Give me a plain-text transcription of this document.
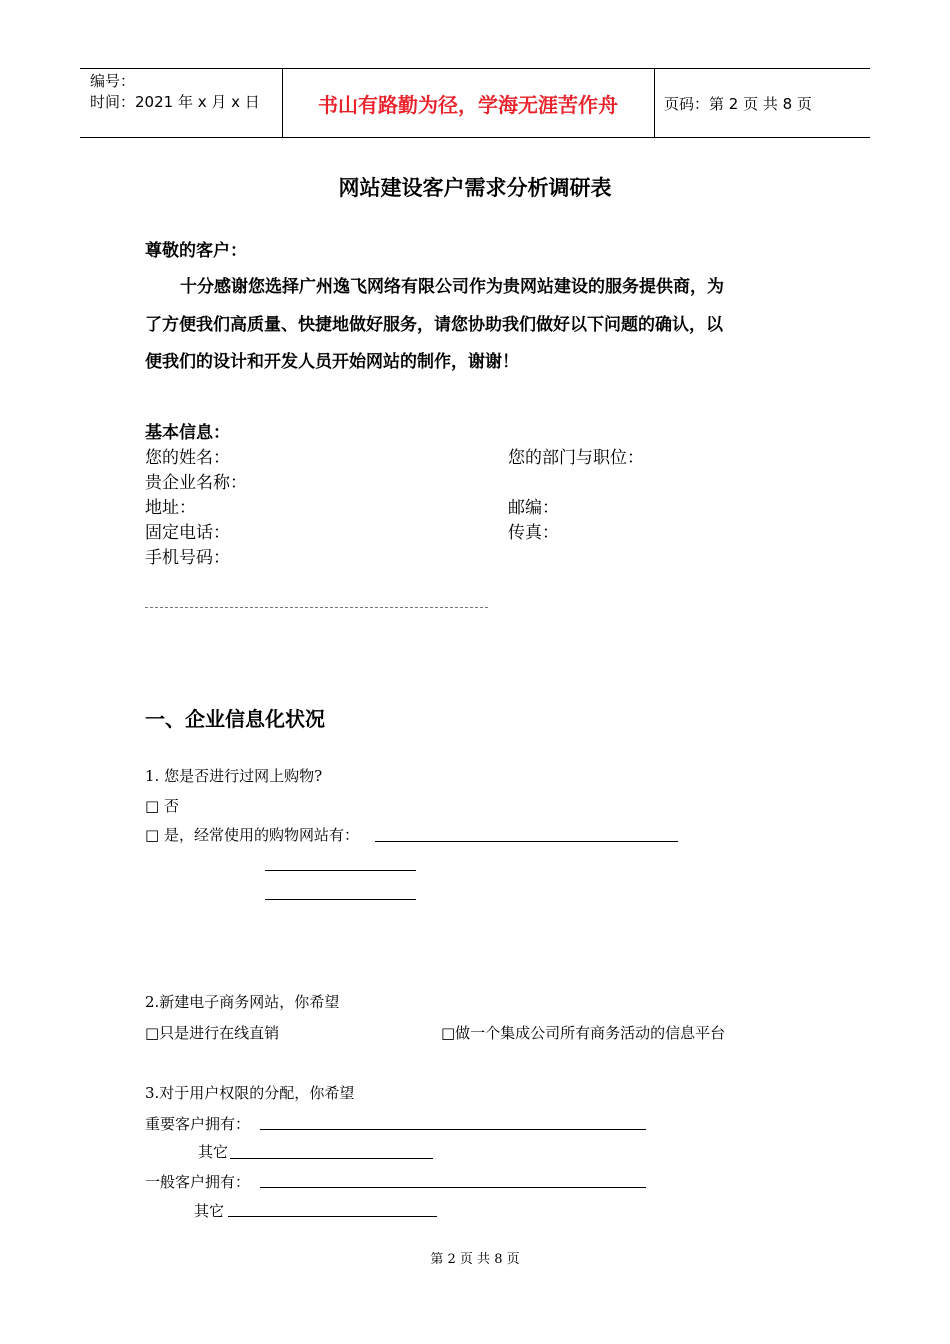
编号：
时间：2021 年 x 月 x 日	书山有路勤为径，学海无涯苦作舟	页码：第 2 页 共 8 页
网站建设客户需求分析调研表
尊敬的客户：
十分感谢您选择广州逸飞网络有限公司作为贵网站建设的服务提供商，为
了方便我们高质量、快捷地做好服务，请您协助我们做好以下问题的确认，以
便我们的设计和开发人员开始网站的制作，谢谢！
基本信息：
您的姓名：	您的部门与职位：
贵企业名称：
地址：	邮编：
固定电话：	传真：
手机号码：
一、企业信息化状况
1. 您是否进行过网上购物?
□ 否
□ 是，经常使用的购物网站有：
2.新建电子商务网站，你希望
□只是进行在线直销	□做一个集成公司所有商务活动的信息平台
3.对于用户权限的分配，你希望
重要客户拥有：
其它
一般客户拥有：
其它
第 2 页 共 8 页
